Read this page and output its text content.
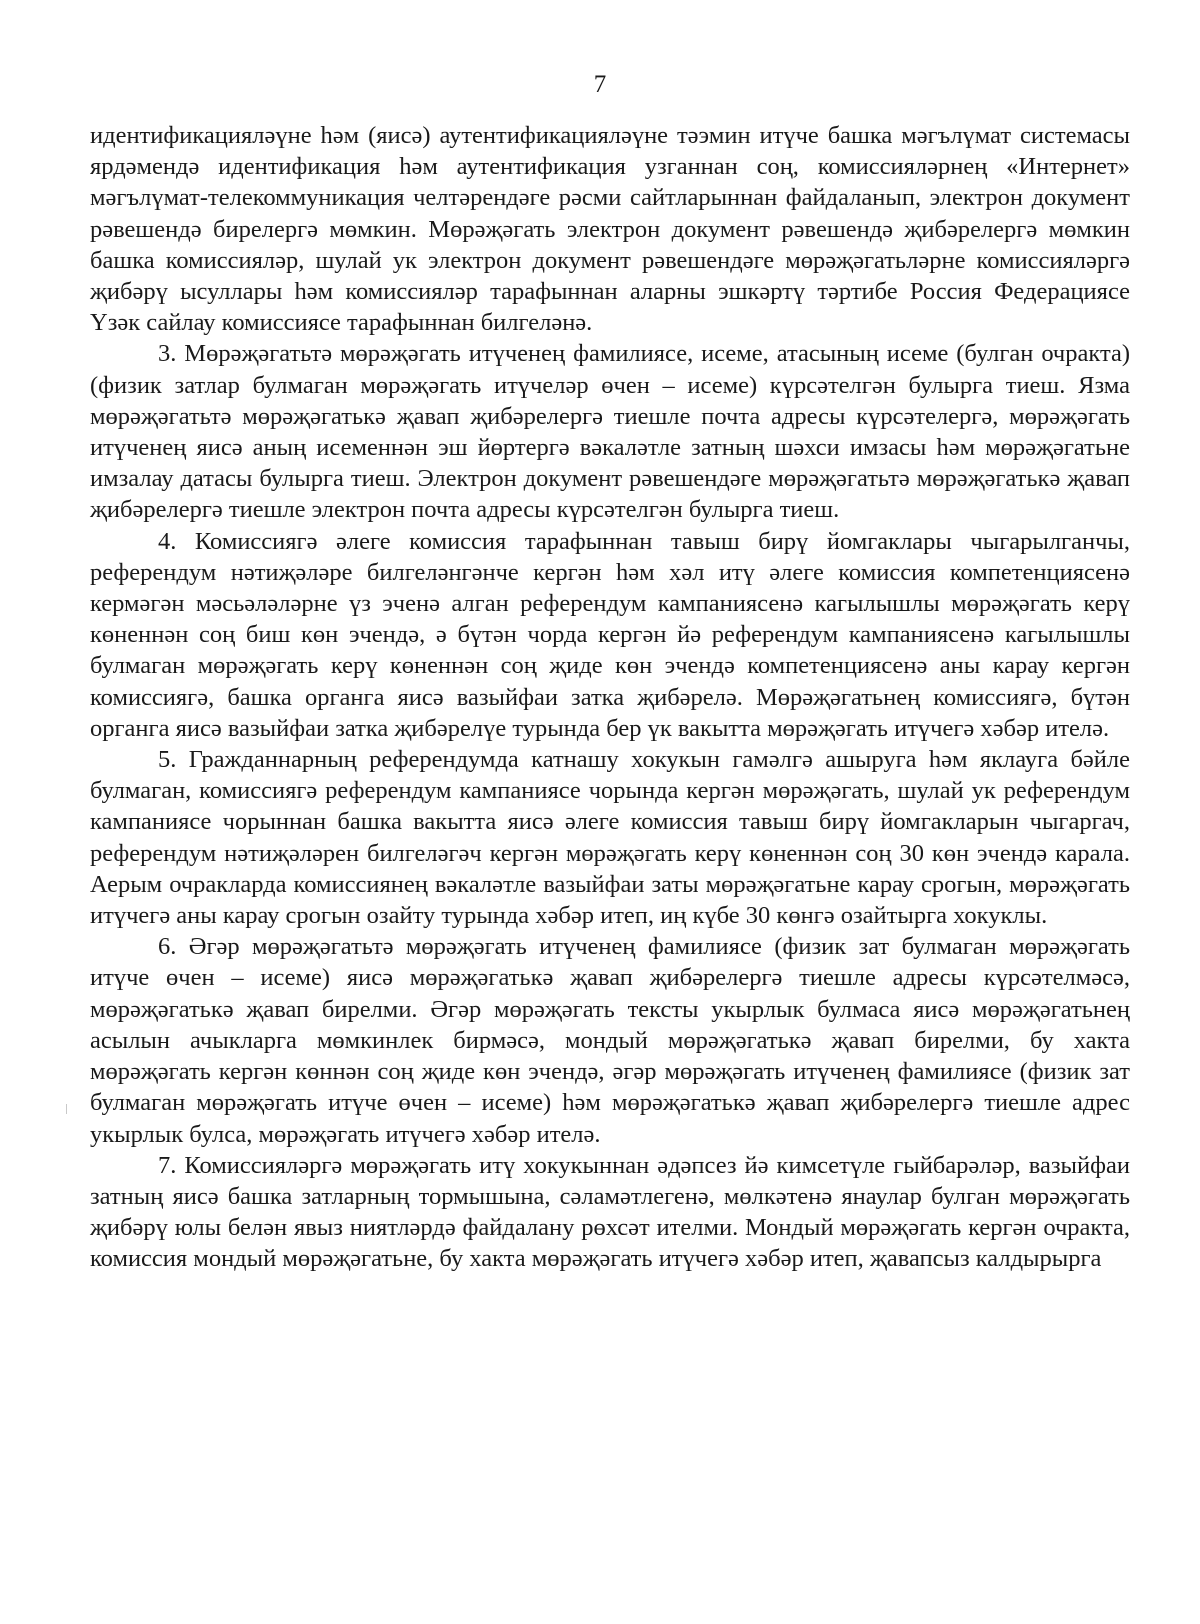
7

идентификацияләүне һәм (яисә) аутентификацияләүне тәэмин итүче башка мәгълүмат системасы ярдәмендә идентификация һәм аутентификация узганнан соң, комиссияләрнең «Интернет» мәгълүмат-телекоммуникация челтәрендәге рәсми сайтларыннан файдаланып, электрон документ рәвешендә бирелергә мөмкин. Мөрәҗәгать электрон документ рәвешендә җибәрелергә мөмкин башка комиссияләр, шулай ук электрон документ рәвешендәге мөрәҗәгатьләрне комиссияләргә җибәрү ысуллары һәм комиссияләр тарафыннан аларны эшкәртү тәртибе Россия Федерациясе Үзәк сайлау комиссиясе тарафыннан билгеләнә.

3. Мөрәҗәгатьтә мөрәҗәгать итүченең фамилиясе, исеме, атасының исеме (булган очракта) (физик затлар булмаган мөрәҗәгать итүчеләр өчен – исеме) күрсәтелгән булырга тиеш. Язма мөрәҗәгатьтә мөрәҗәгатькә җавап җибәрелергә тиешле почта адресы күрсәтелергә, мөрәҗәгать итүченең яисә аның исеменнән эш йөртергә вәкаләтле затның шәхси имзасы һәм мөрәҗәгатьне имзалау датасы булырга тиеш. Электрон документ рәвешендәге мөрәҗәгатьтә мөрәҗәгатькә җавап җибәрелергә тиешле электрон почта адресы күрсәтелгән булырга тиеш.

4. Комиссиягә әлеге комиссия тарафыннан тавыш бирү йомгаклары чыгарылганчы, референдум нәтиҗәләре билгеләнгәнче кергән һәм хәл итү әлеге комиссия компетенциясенә кермәгән мәсьәләләрне үз эченә алган референдум кампаниясенә кагылышлы мөрәҗәгать керү көненнән соң биш көн эчендә, ә бүтән чорда кергән йә референдум кампаниясенә кагылышлы булмаган мөрәҗәгать керү көненнән соң җиде көн эчендә компетенциясенә аны карау кергән комиссиягә, башка органга яисә вазыйфаи затка җибәрелә. Мөрәҗәгатьнең комиссиягә, бүтән органга яисә вазыйфаи затка җибәрелүе турында бер үк вакытта мөрәҗәгать итүчегә хәбәр ителә.

5. Гражданнарның референдумда катнашу хокукын гамәлгә ашыруга һәм яклауга бәйле булмаган, комиссиягә референдум кампаниясе чорында кергән мөрәҗәгать, шулай ук референдум кампаниясе чорыннан башка вакытта яисә әлеге комиссия тавыш бирү йомгакларын чыгаргач, референдум нәтиҗәләрен билгеләгәч кергән мөрәҗәгать керү көненнән соң 30 көн эчендә карала. Аерым очракларда комиссиянең вәкаләтле вазыйфаи заты мөрәҗәгатьне карау срогын, мөрәҗәгать итүчегә аны карау срогын озайту турында хәбәр итеп, иң күбе 30 көнгә озайтырга хокуклы.

6. Әгәр мөрәҗәгатьтә мөрәҗәгать итүченең фамилиясе (физик зат булмаган мөрәҗәгать итүче өчен – исеме) яисә мөрәҗәгатькә җавап җибәрелергә тиешле адресы күрсәтелмәсә, мөрәҗәгатькә җавап бирелми. Әгәр мөрәҗәгать тексты укырлык булмаса яисә мөрәҗәгатьнең асылын ачыкларга мөмкинлек бирмәсә, мондый мөрәҗәгатькә җавап бирелми, бу хакта мөрәҗәгать кергән көннән соң җиде көн эчендә, әгәр мөрәҗәгать итүченең фамилиясе (физик зат булмаган мөрәҗәгать итүче өчен – исеме) һәм мөрәҗәгатькә җавап җибәрелергә тиешле адрес укырлык булса, мөрәҗәгать итүчегә хәбәр ителә.

7. Комиссияләргә мөрәҗәгать итү хокукыннан әдәпсез йә кимсетүле гыйбарәләр, вазыйфаи затның яисә башка затларның тормышына, сәламәтлегенә, мөлкәтенә янаулар булган мөрәҗәгать җибәрү юлы белән явыз ниятләрдә файдалану рөхсәт ителми. Мондый мөрәҗәгать кергән очракта, комиссия мондый мөрәҗәгатьне, бу хакта мөрәҗәгать итүчегә хәбәр итеп, җавапсыз калдырырга
